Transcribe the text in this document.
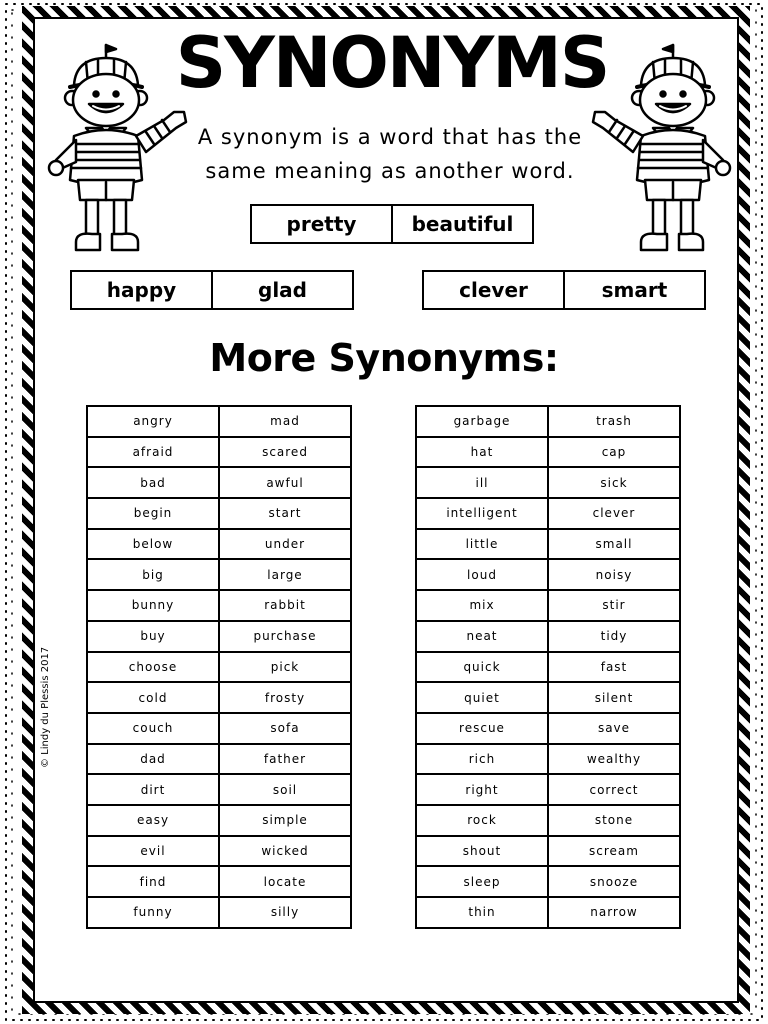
SYNONYMS
A synonym is a word that has the
same meaning as another word.
pretty	beautiful
happy	glad	clever	smart
More Synonyms:
angry	mad
afraid	scared
bad	awful
begin	start
below	under
big	large
bunny	rabbit
buy	purchase
choose	pick
cold	frosty
couch	sofa
dad	father
dirt	soil
easy	simple
evil	wicked
find	locate
funny	silly
garbage	trash
hat	cap
ill	sick
intelligent	clever
little	small
loud	noisy
mix	stir
neat	tidy
quick	fast
quiet	silent
rescue	save
rich	wealthy
right	correct
rock	stone
shout	scream
sleep	snooze
thin	narrow
© Lindy du Plessis 2017
